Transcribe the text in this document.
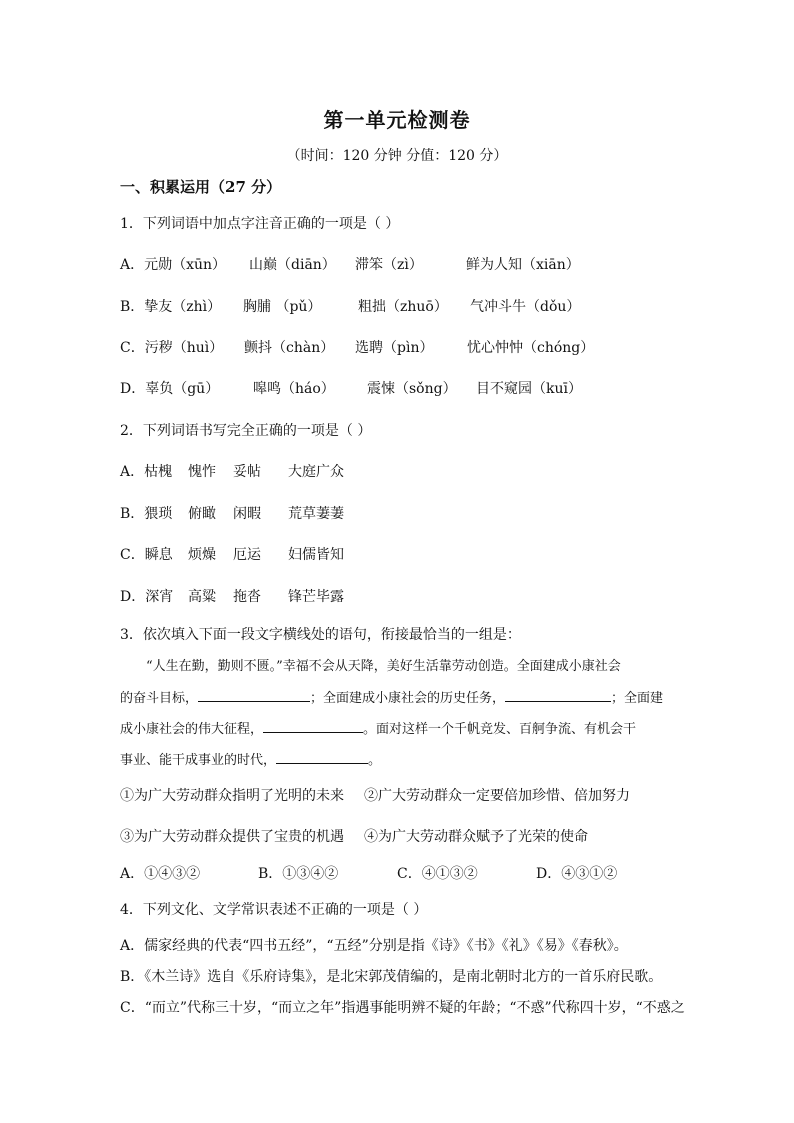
第一单元检测卷
（时间：120 分钟 分值：120 分）
一、积累运用（27 分）
1．下列词语中加点字注音正确的一项是（ ）
A．元勋（xūn） 山巅（diān） 滞笨（zì）	鲜为人知（xiān）
B．挚友（zhì） 胸脯 （pǔ）	粗拙（zhuō） 气冲斗牛（dǒu）
C．污秽（huì） 颤抖（chàn） 选聘（pìn） 忧心忡忡（chóng）
D．辜负（gū） 嗥鸣（háo） 震悚（sǒng） 目不窥园（kuī）
2．下列词语书写完全正确的一项是（ ）
A．枯槐 愧怍 妥帖 大庭广众
B．猥琐 俯瞰 闲暇 荒草萋萋
C．瞬息 烦燥 厄运 妇儒皆知
D．深宵 高粱 拖沓 锋芒毕露
3．依次填入下面一段文字横线处的语句，衔接最恰当的一组是：
“人生在勤，勤则不匮。”幸福不会从天降，美好生活靠劳动创造。全面建成小康社会
的奋斗目标，	；全面建成小康社会的历史任务，	；全面建
成小康社会的伟大征程，	。面对这样一个千帆竞发、百舸争流、有机会干
事业、能干成事业的时代，	。
①为广大劳动群众指明了光明的未来 ②广大劳动群众一定要倍加珍惜、倍加努力
③为广大劳动群众提供了宝贵的机遇 ④为广大劳动群众赋予了光荣的使命
A．①④③②	B．①③④②	C．④①③②	D．④③①②
4．下列文化、文学常识表述不正确的一项是（ ）
A．儒家经典的代表“四书五经”，“五经”分别是指《诗》《书》《礼》《易》《春秋》。
B．《木兰诗》选自《乐府诗集》，是北宋郭茂倩编的，是南北朝时北方的一首乐府民歌。
C．“而立”代称三十岁，“而立之年”指遇事能明辨不疑的年龄；“不惑”代称四十岁，“不惑之
